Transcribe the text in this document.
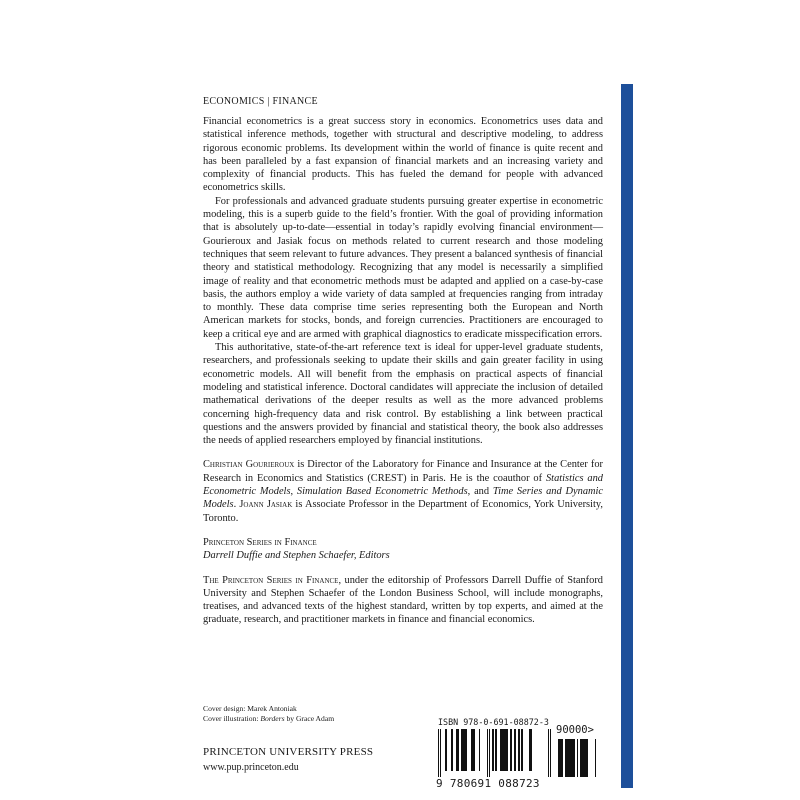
ECONOMICS | FINANCE

Financial econometrics is a great success story in economics. Econometrics uses data and statistical inference methods, together with structural and descriptive modeling, to address rigorous economic problems. Its development within the world of finance is quite recent and has been paralleled by a fast expansion of financial markets and an increasing variety and complexity of financial products. This has fueled the demand for people with advanced econometrics skills.

For professionals and advanced graduate students pursuing greater expertise in econometric modeling, this is a superb guide to the field’s frontier. With the goal of providing information that is absolutely up-to-date—essential in today’s rapidly evolving financial environment—Gourieroux and Jasiak focus on methods related to current research and those modeling techniques that seem relevant to future advances. They present a balanced synthesis of financial theory and statistical methodology. Recognizing that any model is necessarily a simplified image of reality and that econometric methods must be adapted and applied on a case-by-case basis, the authors employ a wide variety of data sampled at frequencies ranging from intraday to monthly. These data comprise time series representing both the European and North American markets for stocks, bonds, and foreign currencies. Practitioners are encouraged to keep a critical eye and are armed with graphical diagnostics to eradicate misspecification errors.

This authoritative, state-of-the-art reference text is ideal for upper-level graduate students, researchers, and professionals seeking to update their skills and gain greater facility in using econometric models. All will benefit from the emphasis on practical aspects of financial modeling and statistical inference. Doctoral candidates will appreciate the inclusion of detailed mathematical derivations of the deeper results as well as the more advanced problems concerning high-frequency data and risk control. By establishing a link between practical questions and the answers provided by financial and statistical theory, the book also addresses the needs of applied researchers employed by financial institutions.

Christian Gourieroux is Director of the Laboratory for Finance and Insurance at the Center for Research in Economics and Statistics (CREST) in Paris. He is the coauthor of Statistics and Econometric Models, Simulation Based Econometric Methods, and Time Series and Dynamic Models. Joann Jasiak is Associate Professor in the Department of Economics, York University, Toronto.

Princeton Series in Finance
Darrell Duffie and Stephen Schaefer, Editors

The Princeton Series in Finance, under the editorship of Professors Darrell Duffie of Stanford University and Stephen Schaefer of the London Business School, will include monographs, treatises, and advanced texts of the highest standard, written by top experts, and aimed at the graduate, research, and practitioner markets in finance and financial economics.

Cover design: Marek Antoniak
Cover illustration: Borders by Grace Adam
PRINCETON UNIVERSITY PRESS
www.pup.princeton.edu
ISBN 978-0-691-08872-3
90000>
9 780691 088723
